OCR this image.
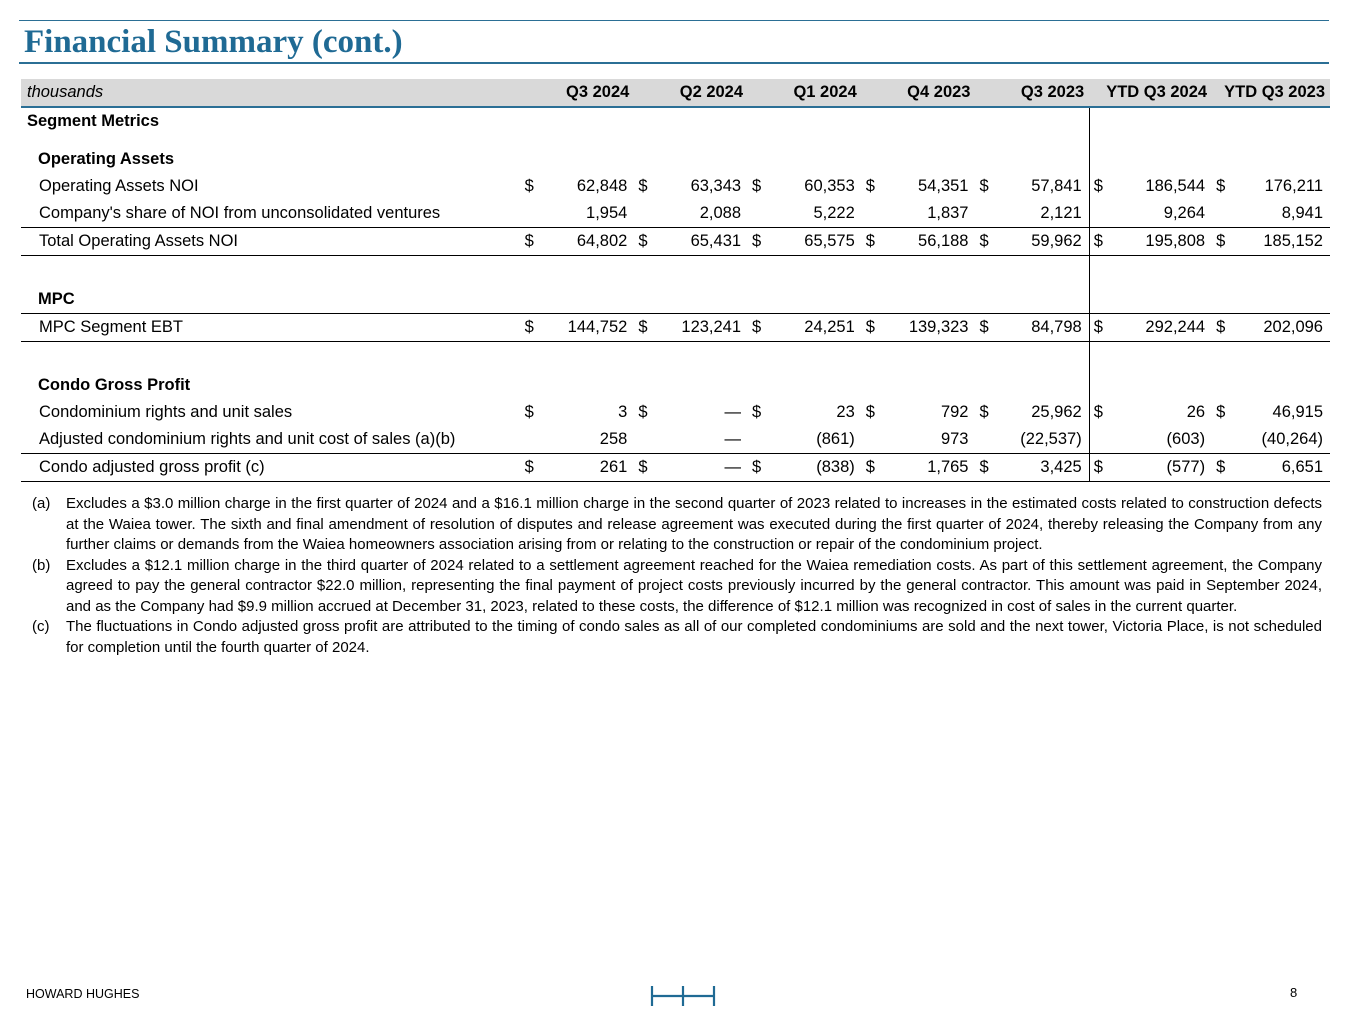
Financial Summary (cont.)
thousands	Q3 2024		Q2 2024		Q1 2024		Q4 2023		Q3 2023		YTD Q3 2024		YTD Q3 2023	
Segment Metrics														
Operating Assets														
Operating Assets NOI	$	62,848	$	63,343	$	60,353	$	54,351	$	57,841	$	186,544	$	176,211
Company's share of NOI from unconsolidated ventures		1,954		2,088		5,222		1,837		2,121		9,264		8,941
Total Operating Assets NOI	$	64,802	$	65,431	$	65,575	$	56,188	$	59,962	$	195,808	$	185,152

MPC														
MPC Segment EBT	$	144,752	$	123,241	$	24,251	$	139,323	$	84,798	$	292,244	$	202,096

Condo Gross Profit														
Condominium rights and unit sales	$	3	$	—	$	23	$	792	$	25,962	$	26	$	46,915
Adjusted condominium rights and unit cost of sales (a)(b)		258		—		(861)		973		(22,537)		(603)		(40,264)
Condo adjusted gross profit (c)	$	261	$	—	$	(838)	$	1,765	$	3,425	$	(577)	$	6,651
(a)	Excludes a $3.0 million charge in the first quarter of 2024 and a $16.1 million charge in the second quarter of 2023 related to increases in the estimated costs related to construction defects at the Waiea tower. The sixth and final amendment of resolution of disputes and release agreement was executed during the first quarter of 2024, thereby releasing the Company from any further claims or demands from the Waiea homeowners association arising from or relating to the construction or repair of the condominium project.
(b)	Excludes a $12.1 million charge in the third quarter of 2024 related to a settlement agreement reached for the Waiea remediation costs. As part of this settlement agreement, the Company agreed to pay the general contractor $22.0 million, representing the final payment of project costs previously incurred by the general contractor. This amount was paid in September 2024, and as the Company had $9.9 million accrued at December 31, 2023, related to these costs, the difference of $12.1 million was recognized in cost of sales in the current quarter.
(c)	The fluctuations in Condo adjusted gross profit are attributed to the timing of condo sales as all of our completed condominiums are sold and the next tower, Victoria Place, is not scheduled for completion until the fourth quarter of 2024.
HOWARD HUGHES	8
